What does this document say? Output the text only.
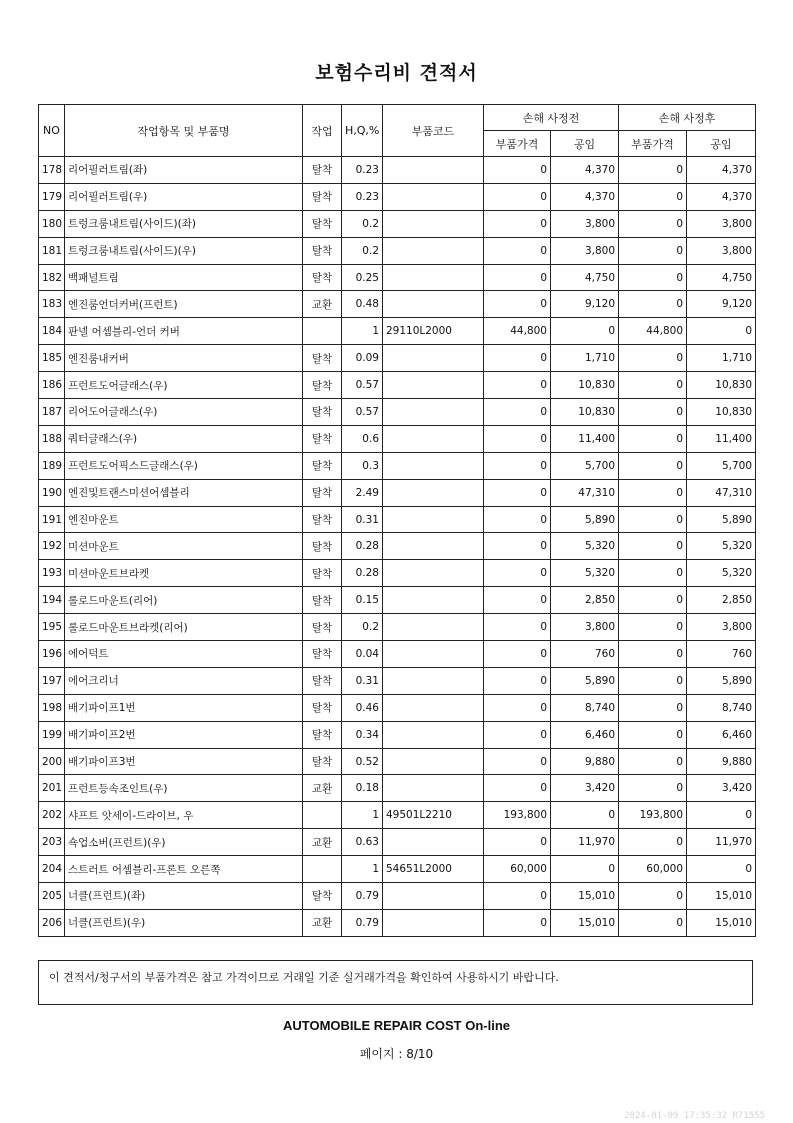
보험수리비 견적서
NO	작업항목 및 부품명	작업	H,Q,%	부품코드	손해 사정전		손해 사정후	
					부품가격	공임	부품가격	공임
178	리어필러트림(좌)	탈착	0.23		0	4,370	0	4,370
179	리어필러트림(우)	탈착	0.23		0	4,370	0	4,370
180	트렁크룸내트림(사이드)(좌)	탈착	0.2		0	3,800	0	3,800
181	트렁크룸내트림(사이드)(우)	탈착	0.2		0	3,800	0	3,800
182	백패널트림	탈착	0.25		0	4,750	0	4,750
183	엔진룸언더커버(프런트)	교환	0.48		0	9,120	0	9,120
184	판넬 어셈블리-언더 커버		1	29110L2000	44,800	0	44,800	0
185	엔진룸내커버	탈착	0.09		0	1,710	0	1,710
186	프런트도어글래스(우)	탈착	0.57		0	10,830	0	10,830
187	리어도어글래스(우)	탈착	0.57		0	10,830	0	10,830
188	쿼터글래스(우)	탈착	0.6		0	11,400	0	11,400
189	프런트도어픽스드글래스(우)	탈착	0.3		0	5,700	0	5,700
190	엔진및트랜스미션어셈블리	탈착	2.49		0	47,310	0	47,310
191	엔진마운트	탈착	0.31		0	5,890	0	5,890
192	미션마운트	탈착	0.28		0	5,320	0	5,320
193	미션마운트브라켓	탈착	0.28		0	5,320	0	5,320
194	롤로드마운트(리어)	탈착	0.15		0	2,850	0	2,850
195	롤로드마운트브라켓(리어)	탈착	0.2		0	3,800	0	3,800
196	에어덕트	탈착	0.04		0	760	0	760
197	에어크리너	탈착	0.31		0	5,890	0	5,890
198	배기파이프1번	탈착	0.46		0	8,740	0	8,740
199	배기파이프2번	탈착	0.34		0	6,460	0	6,460
200	배기파이프3번	탈착	0.52		0	9,880	0	9,880
201	프런트등속조인트(우)	교환	0.18		0	3,420	0	3,420
202	샤프트 앗세이-드라이브, 우		1	49501L2210	193,800	0	193,800	0
203	쇽업소버(프런트)(우)	교환	0.63		0	11,970	0	11,970
204	스트러트 어셈블리-프론트 오른쪽		1	54651L2000	60,000	0	60,000	0
205	너클(프런트)(좌)	탈착	0.79		0	15,010	0	15,010
206	너클(프런트)(우)	교환	0.79		0	15,010	0	15,010
이 견적서/청구서의 부품가격은 참고 가격이므로 거래일 기준 실거래가격을 확인하여 사용하시기 바랍니다.
AUTOMOBILE REPAIR COST On-line
페이지 : 8/10
2024-01-09 17:35:32 R71555
